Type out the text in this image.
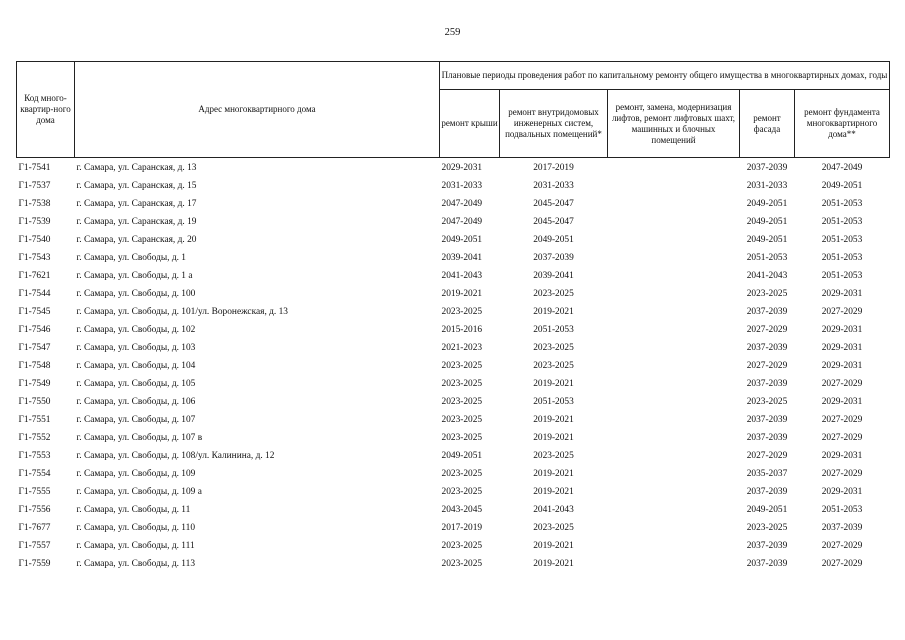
259
Код много-квартир-ного дома	Адрес многоквартирного дома	Плановые периоды проведения работ по капитальному ремонту общего имущества в многоквартирных домах, годы				
		ремонт крыши	ремонт внутридомовых инженерных систем, подвальных помещений*	ремонт, замена, модернизация лифтов, ремонт лифтовых шахт, машинных и блочных помещений	ремонт фасада	ремонт фундамента многоквартирного дома**
Г1-7541	г. Самара, ул. Саранская, д. 13	2029-2031	2017-2019		2037-2039	2047-2049
Г1-7537	г. Самара, ул. Саранская, д. 15	2031-2033	2031-2033		2031-2033	2049-2051
Г1-7538	г. Самара, ул. Саранская, д. 17	2047-2049	2045-2047		2049-2051	2051-2053
Г1-7539	г. Самара, ул. Саранская, д. 19	2047-2049	2045-2047		2049-2051	2051-2053
Г1-7540	г. Самара, ул. Саранская, д. 20	2049-2051	2049-2051		2049-2051	2051-2053
Г1-7543	г. Самара, ул. Свободы, д. 1	2039-2041	2037-2039		2051-2053	2051-2053
Г1-7621	г. Самара, ул. Свободы, д. 1 а	2041-2043	2039-2041		2041-2043	2051-2053
Г1-7544	г. Самара, ул. Свободы, д. 100	2019-2021	2023-2025		2023-2025	2029-2031
Г1-7545	г. Самара, ул. Свободы, д. 101/ул. Воронежская, д. 13	2023-2025	2019-2021		2037-2039	2027-2029
Г1-7546	г. Самара, ул. Свободы, д. 102	2015-2016	2051-2053		2027-2029	2029-2031
Г1-7547	г. Самара, ул. Свободы, д. 103	2021-2023	2023-2025		2037-2039	2029-2031
Г1-7548	г. Самара, ул. Свободы, д. 104	2023-2025	2023-2025		2027-2029	2029-2031
Г1-7549	г. Самара, ул. Свободы, д. 105	2023-2025	2019-2021		2037-2039	2027-2029
Г1-7550	г. Самара, ул. Свободы, д. 106	2023-2025	2051-2053		2023-2025	2029-2031
Г1-7551	г. Самара, ул. Свободы, д. 107	2023-2025	2019-2021		2037-2039	2027-2029
Г1-7552	г. Самара, ул. Свободы, д. 107 в	2023-2025	2019-2021		2037-2039	2027-2029
Г1-7553	г. Самара, ул. Свободы, д. 108/ул. Калинина, д. 12	2049-2051	2023-2025		2027-2029	2029-2031
Г1-7554	г. Самара, ул. Свободы, д. 109	2023-2025	2019-2021		2035-2037	2027-2029
Г1-7555	г. Самара, ул. Свободы, д. 109 а	2023-2025	2019-2021		2037-2039	2029-2031
Г1-7556	г. Самара, ул. Свободы, д. 11	2043-2045	2041-2043		2049-2051	2051-2053
Г1-7677	г. Самара, ул. Свободы, д. 110	2017-2019	2023-2025		2023-2025	2037-2039
Г1-7557	г. Самара, ул. Свободы, д. 111	2023-2025	2019-2021		2037-2039	2027-2029
Г1-7559	г. Самара, ул. Свободы, д. 113	2023-2025	2019-2021		2037-2039	2027-2029
